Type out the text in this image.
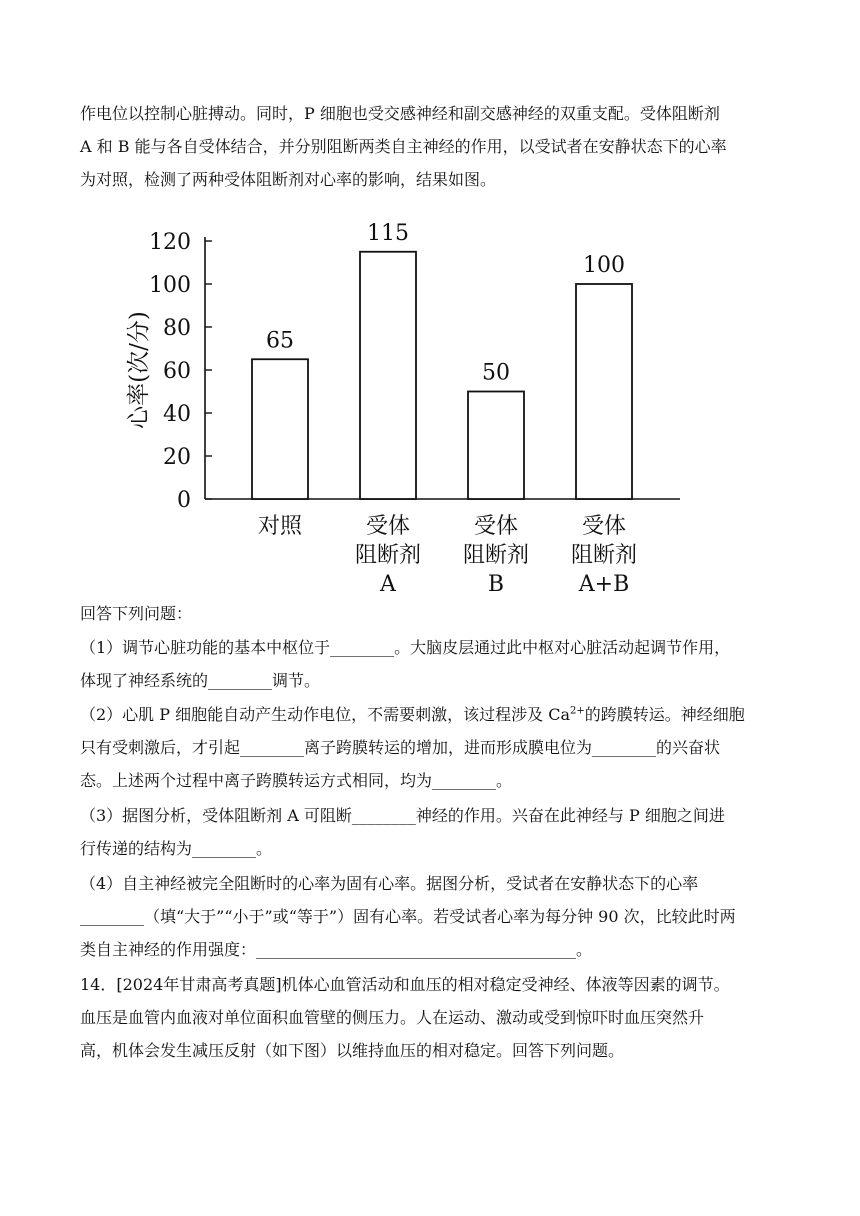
作电位以控制心脏搏动。同时，P 细胞也受交感神经和副交感神经的双重支配。受体阻断剂
A 和 B 能与各自受体结合，并分别阻断两类自主神经的作用，以受试者在安静状态下的心率
为对照，检测了两种受体阻断剂对心率的影响，结果如图。
0
20
40
60
80
100
120
心率(次/分)	65
对照
115
受体
阻断剂
A
50
受体
阻断剂
B
100
受体
阻断剂
A+B
回答下列问题：
（1）调节心脏功能的基本中枢位于________。大脑皮层通过此中枢对心脏活动起调节作用，
体现了神经系统的________调节。
（2）心肌 P 细胞能自动产生动作电位，不需要刺激，该过程涉及 $Ca^{2+}$的跨膜转运。神经细胞
只有受刺激后，才引起________离子跨膜转运的增加，进而形成膜电位为________的兴奋状
态。上述两个过程中离子跨膜转运方式相同，均为________。
（3）据图分析，受体阻断剂 A 可阻断________神经的作用。兴奋在此神经与 P 细胞之间进
行传递的结构为________。
（4）自主神经被完全阻断时的心率为固有心率。据图分析，受试者在安静状态下的心率
________（填“大于”“小于”或“等于”）固有心率。若受试者心率为每分钟 90 次，比较此时两
类自主神经的作用强度：________________________________________。
14．[2024年甘肃高考真题]机体心血管活动和血压的相对稳定受神经、体液等因素的调节。
血压是血管内血液对单位面积血管壁的侧压力。人在运动、激动或受到惊吓时血压突然升
高，机体会发生减压反射（如下图）以维持血压的相对稳定。回答下列问题。
